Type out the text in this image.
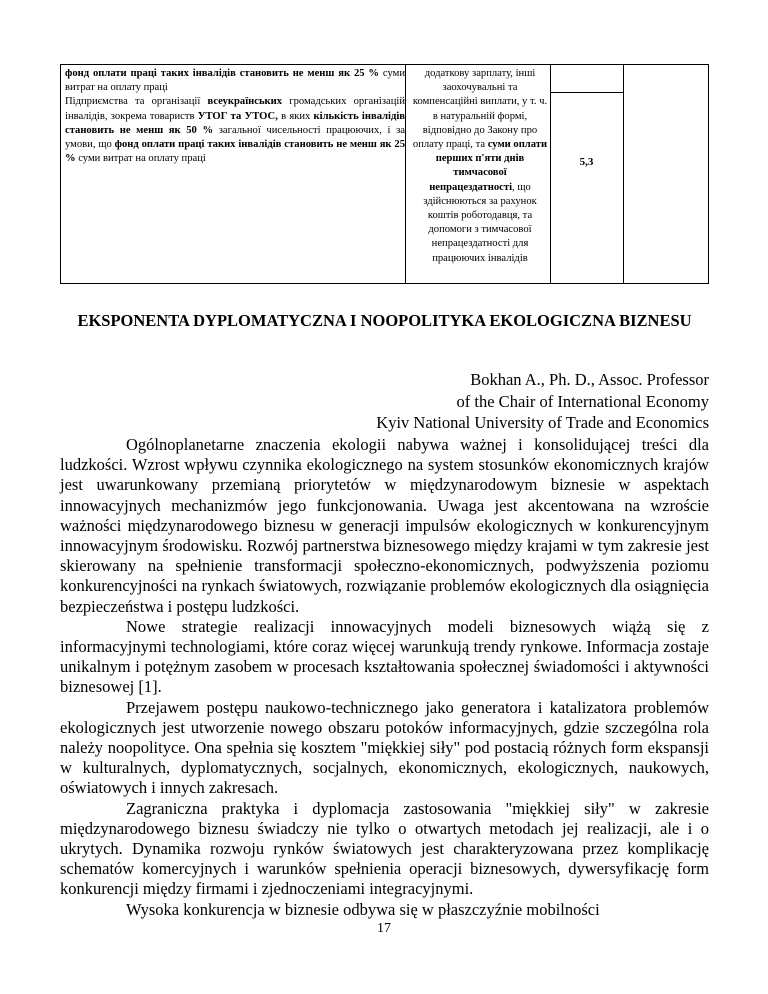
фонд оплати праці таких інвалідів становить не менш як 25 % суми витрат на оплату праці

Підприємства та організації всеукраїнських громадських організацій інвалідів, зокрема товариств УТОГ та УТОС, в яких кількість інвалідів становить не менш як 50 % загальної чисельності працюючих, і за умови, що фонд оплати праці таких інвалідів становить не менш як 25 % суми витрат на оплату праці

додаткову зарплату, інші заохочувальні та компенсаційні виплати, у т. ч. в натуральній формі, відповідно до Закону про оплату праці, та суми оплати перших п'яти днів тимчасової непрацездатності, що здійснюються за рахунок коштів роботодавця, та допомоги з тимчасової непрацездатності для працюючих інвалідів

5,3
EKSPONENTA DYPLOMATYCZNA I NOOPOLITYKA EKOLOGICZNA BIZNESU
Bokhan A., Ph. D., Assoc. Professor
of the Chair of International Economy
Kyiv National University of Trade and Economics

Ogólnoplanetarne znaczenia ekologii nabywa ważnej i konsolidującej treści dla ludzkości. Wzrost wpływu czynnika ekologicznego na system stosunków ekonomicznych krajów jest uwarunkowany przemianą priorytetów w międzynarodowym biznesie w aspektach innowacyjnych mechanizmów jego funkcjonowania. Uwaga jest akcentowana na wzroście ważności międzynarodowego biznesu w generacji impulsów ekologicznych w konkurencyjnym innowacyjnym środowisku. Rozwój partnerstwa biznesowego między krajami w tym zakresie jest skierowany na spełnienie transformacji społeczno-ekonomicznych, podwyższenia poziomu konkurencyjności na rynkach światowych, rozwiązanie problemów ekologicznych dla osiągnięcia bezpieczeństwa i postępu ludzkości.

Nowe strategie realizacji innowacyjnych modeli biznesowych wiążą się z informacyjnymi technologiami, które coraz więcej warunkują trendy rynkowe. Informacja zostaje unikalnym i potężnym zasobem w procesach kształtowania społecznej świadomości i aktywności biznesowej [1].

Przejawem postępu naukowo-technicznego jako generatora i katalizatora problemów ekologicznych jest utworzenie nowego obszaru potoków informacyjnych, gdzie szczególna rola należy noopolityce. Ona spełnia się kosztem "miękkiej siły" pod postacią różnych form ekspansji w kulturalnych, dyplomatycznych, socjalnych, ekonomicznych, ekologicznych, naukowych, oświatowych i innych zakresach.

Zagraniczna praktyka i dyplomacja zastosowania "miękkiej siły" w zakresie międzynarodowego biznesu świadczy nie tylko o otwartych metodach jej realizacji, ale i o ukrytych. Dynamika rozwoju rynków światowych jest charakteryzowana przez komplikację schematów komercyjnych i warunków spełnienia operacji biznesowych, dywersyfikację form konkurencji między firmami i zjednoczeniami integracyjnymi.

Wysoka konkurencja w biznesie odbywa się w płaszczyźnie mobilności

17
